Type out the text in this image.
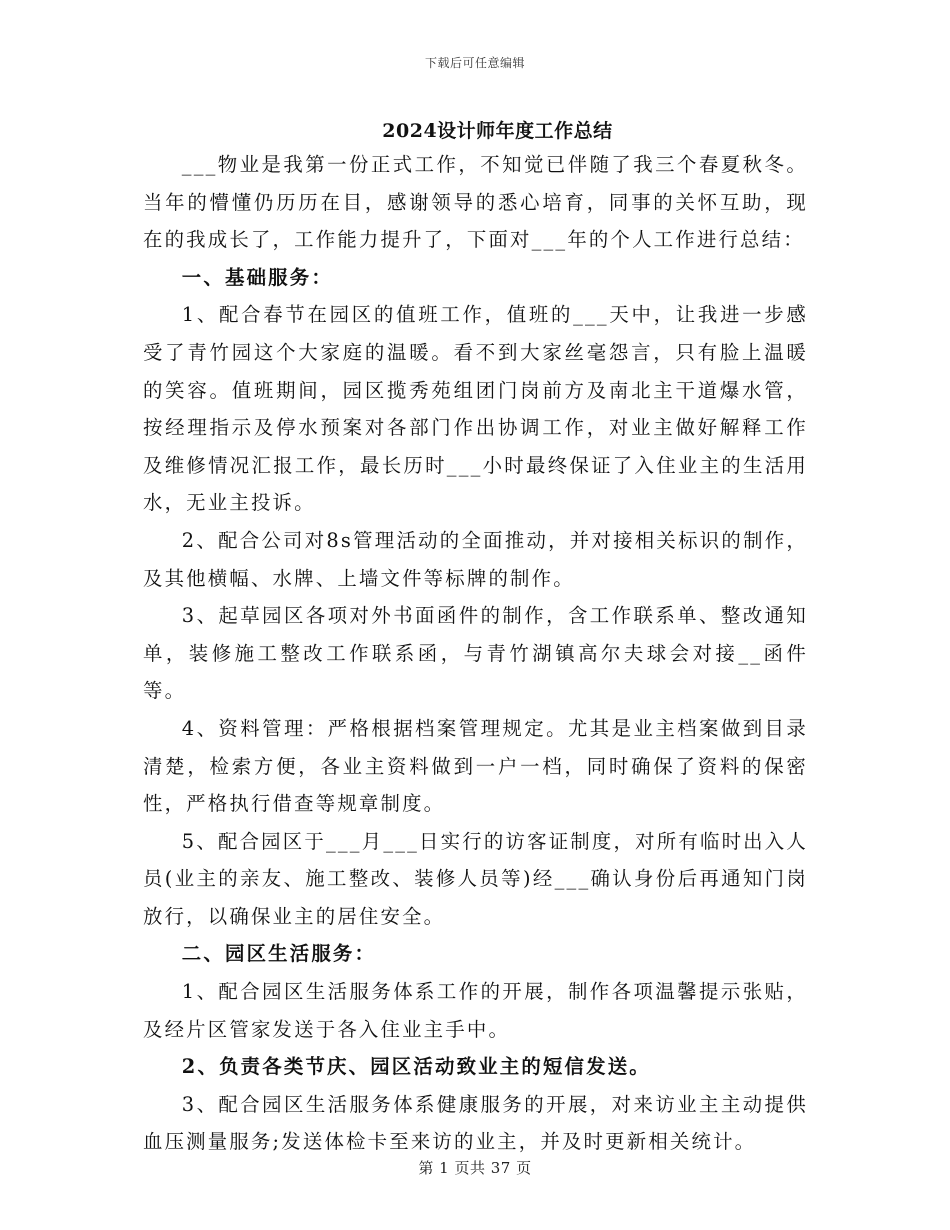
下载后可任意编辑
2024设计师年度工作总结

___物业是我第一份正式工作，不知觉已伴随了我三个春夏秋冬。当年的懵懂仍历历在目，感谢领导的悉心培育，同事的关怀互助，现在的我成长了，工作能力提升了，下面对___年的个人工作进行总结：

一、基础服务：

1、配合春节在园区的值班工作，值班的___天中，让我进一步感受了青竹园这个大家庭的温暖。看不到大家丝毫怨言，只有脸上温暖的笑容。值班期间，园区揽秀苑组团门岗前方及南北主干道爆水管，按经理指示及停水预案对各部门作出协调工作，对业主做好解释工作及维修情况汇报工作，最长历时___小时最终保证了入住业主的生活用水，无业主投诉。

2、配合公司对8s管理活动的全面推动，并对接相关标识的制作，及其他横幅、水牌、上墙文件等标牌的制作。

3、起草园区各项对外书面函件的制作，含工作联系单、整改通知单，装修施工整改工作联系函，与青竹湖镇高尔夫球会对接__函件等。

4、资料管理：严格根据档案管理规定。尤其是业主档案做到目录清楚，检索方便，各业主资料做到一户一档，同时确保了资料的保密性，严格执行借查等规章制度。

5、配合园区于___月___日实行的访客证制度，对所有临时出入人员(业主的亲友、施工整改、装修人员等)经___确认身份后再通知门岗放行，以确保业主的居住安全。

二、园区生活服务：

1、配合园区生活服务体系工作的开展，制作各项温馨提示张贴，及经片区管家发送于各入住业主手中。

2、负责各类节庆、园区活动致业主的短信发送。

3、配合园区生活服务体系健康服务的开展，对来访业主主动提供血压测量服务;发送体检卡至来访的业主，并及时更新相关统计。

第 1 页共 37 页
